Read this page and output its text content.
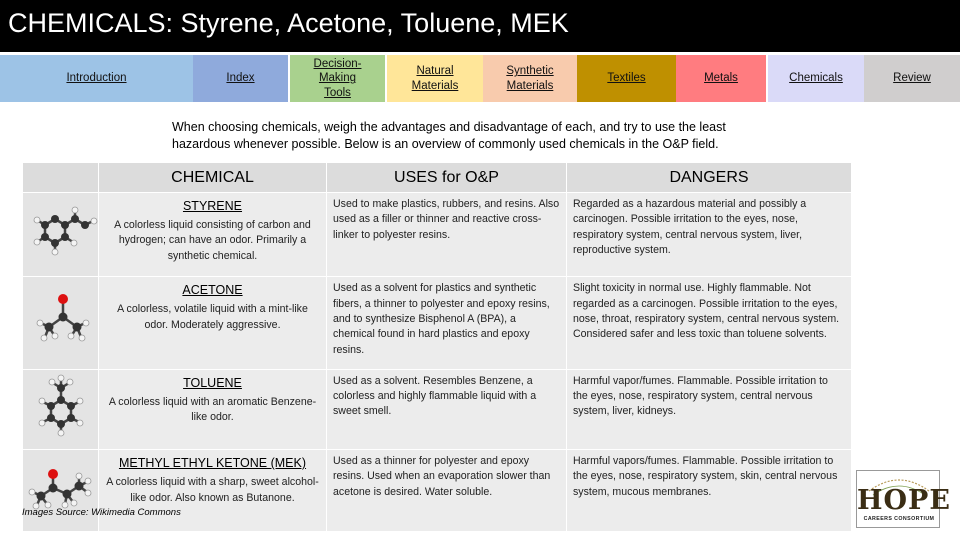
CHEMICALS: Styrene, Acetone, Toluene, MEK
Introduction	Index
Decision-Making Tools
Natural Materials
Synthetic Materials
Textiles	Metals	Chemicals	Review
When choosing chemicals, weigh the advantages and disadvantage of each, and try to use the least hazardous whenever possible. Below is an overview of commonly used chemicals in the O&P field.
	CHEMICAL	USES for O&P	DANGERS

STYRENE
A colorless liquid consisting of carbon and hydrogen; can have an odor. Primarily a synthetic chemical.	Used to make plastics, rubbers, and resins. Also used as a filler or thinner and reactive cross-linker to polyester resins.	Regarded as a hazardous material and possibly a carcinogen. Possible irritation to the eyes, nose, respiratory system, central nervous system, liver, reproductive system.

ACETONE
A colorless, volatile liquid with a mint-like odor. Moderately aggressive.	Used as a solvent for plastics and synthetic fibers, a thinner to polyester and epoxy resins, and to synthesize Bisphenol A (BPA), a chemical found in hard plastics and epoxy resins.	Slight toxicity in normal use. Highly flammable. Not regarded as a carcinogen. Possible irritation to the eyes, nose, throat, respiratory system, central nervous system. Considered safer and less toxic than toluene solvents.

TOLUENE
A colorless liquid with an aromatic Benzene-like odor.	Used as a solvent. Resembles Benzene, a colorless and highly flammable liquid with a sweet smell.	Harmful vapor/fumes. Flammable. Possible irritation to the eyes, nose, respiratory system, central nervous system, liver, kidneys.

METHYL ETHYL KETONE (MEK)
A colorless liquid with a sharp, sweet alcohol-like odor. Also known as Butanone.	Used as a thinner for polyester and epoxy resins. Used when an evaporation slower than acetone is desired. Water soluble.	Harmful vapors/fumes. Flammable. Possible irritation to the eyes, nose, respiratory system, skin, central nervous system, mucous membranes.
Images Source: Wikimedia Commons	HOPE
CAREERS CONSORTIUM
